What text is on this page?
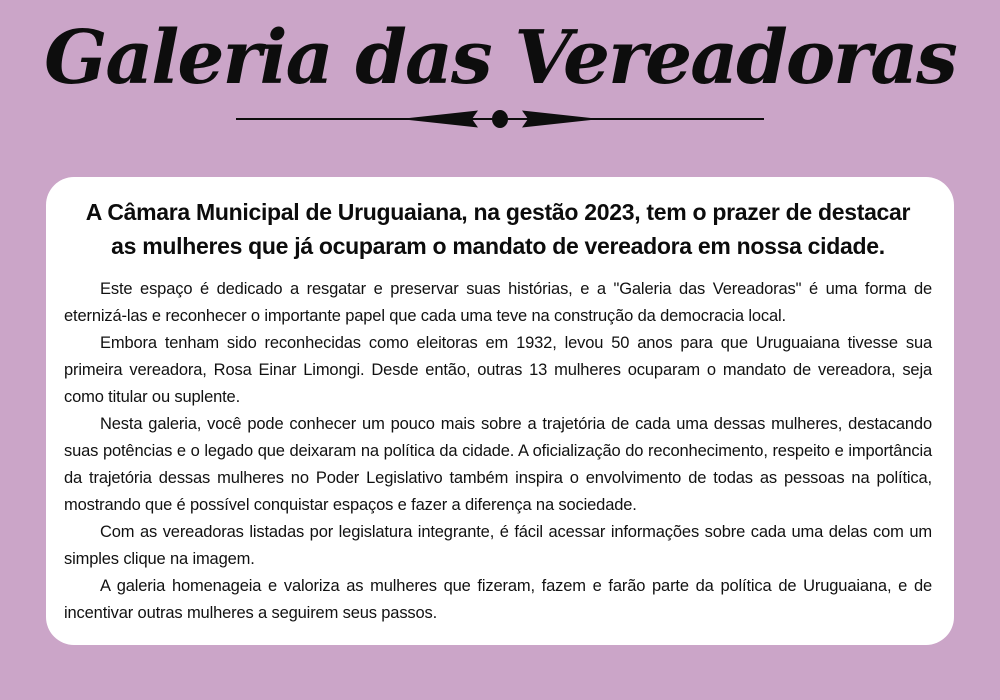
Galeria das Vereadoras
A Câmara Municipal de Uruguaiana, na gestão 2023, tem o prazer de destacar as mulheres que já ocuparam o mandato de vereadora em nossa cidade.

Este espaço é dedicado a resgatar e preservar suas histórias, e a "Galeria das Vereadoras" é uma forma de eternizá-las e reconhecer o importante papel que cada uma teve na construção da democracia local.

Embora tenham sido reconhecidas como eleitoras em 1932, levou 50 anos para que Uruguaiana tivesse sua primeira vereadora, Rosa Einar Limongi. Desde então, outras 13 mulheres ocuparam o mandato de vereadora, seja como titular ou suplente.

Nesta galeria, você pode conhecer um pouco mais sobre a trajetória de cada uma dessas mulheres, destacando suas potências e o legado que deixaram na política da cidade. A oficialização do reconhecimento, respeito e importância da trajetória dessas mulheres no Poder Legislativo também inspira o envolvimento de todas as pessoas na política, mostrando que é possível conquistar espaços e fazer a diferença na sociedade.

Com as vereadoras listadas por legislatura integrante, é fácil acessar informações sobre cada uma delas com um simples clique na imagem.

A galeria homenageia e valoriza as mulheres que fizeram, fazem e farão parte da política de Uruguaiana, e de incentivar outras mulheres a seguirem seus passos.
